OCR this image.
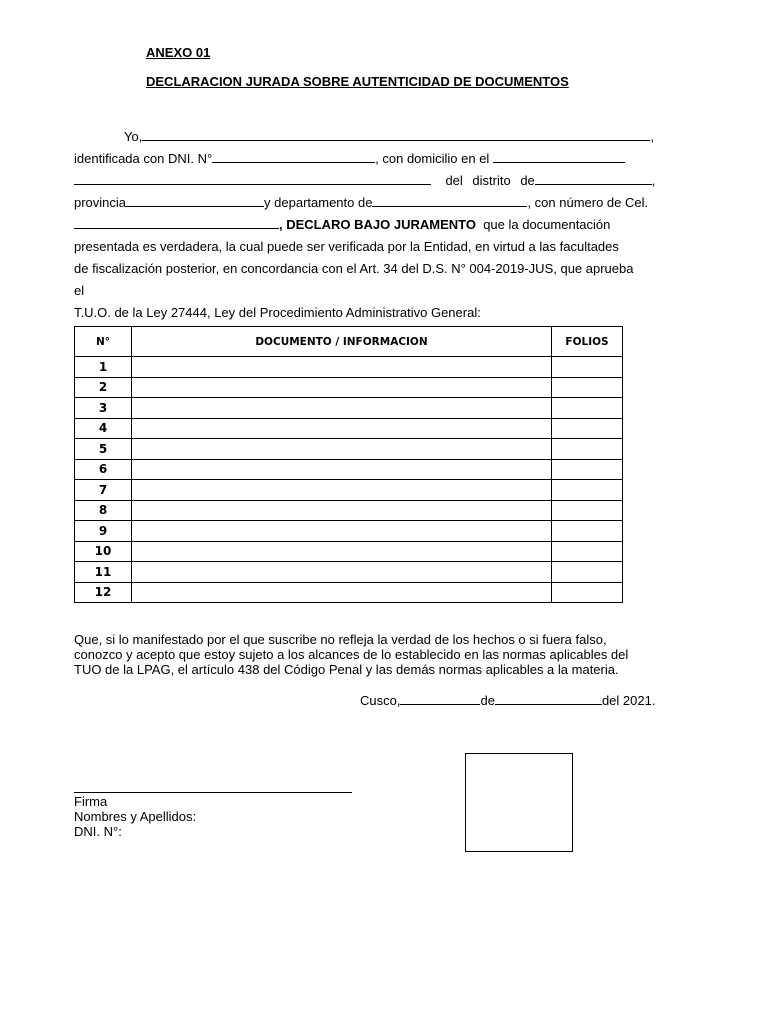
ANEXO 01
DECLARACION JURADA SOBRE AUTENTICIDAD DE DOCUMENTOS
Yo,	,
identificada con DNI. N°	, con domicilio en el
del distrito de	,
provincia	y departamento de	, con número de Cel.
, DECLARO BAJO JURAMENTO que la documentación
presentada es verdadera, la cual puede ser verificada por la Entidad, en virtud a las facultades
de fiscalización posterior, en concordancia con el Art. 34 del D.S. N° 004-2019-JUS, que aprueba
el
T.U.O. de la Ley 27444, Ley del Procedimiento Administrativo General:
N°	DOCUMENTO / INFORMACION	FOLIOS
1		
2		
3		
4		
5		
6		
7		
8		
9		
10		
11		
12		
Que, si lo manifestado por el que suscribe no refleja la verdad de los hechos o si fuera falso,
conozco y acepto que estoy sujeto a los alcances de lo establecido en las normas aplicables del
TUO de la LPAG, el artículo 438 del Código Penal y las demás normas aplicables a la materia.
Cusco,	de	del 2021.
Firma
Nombres y Apellidos:
DNI. N°:
